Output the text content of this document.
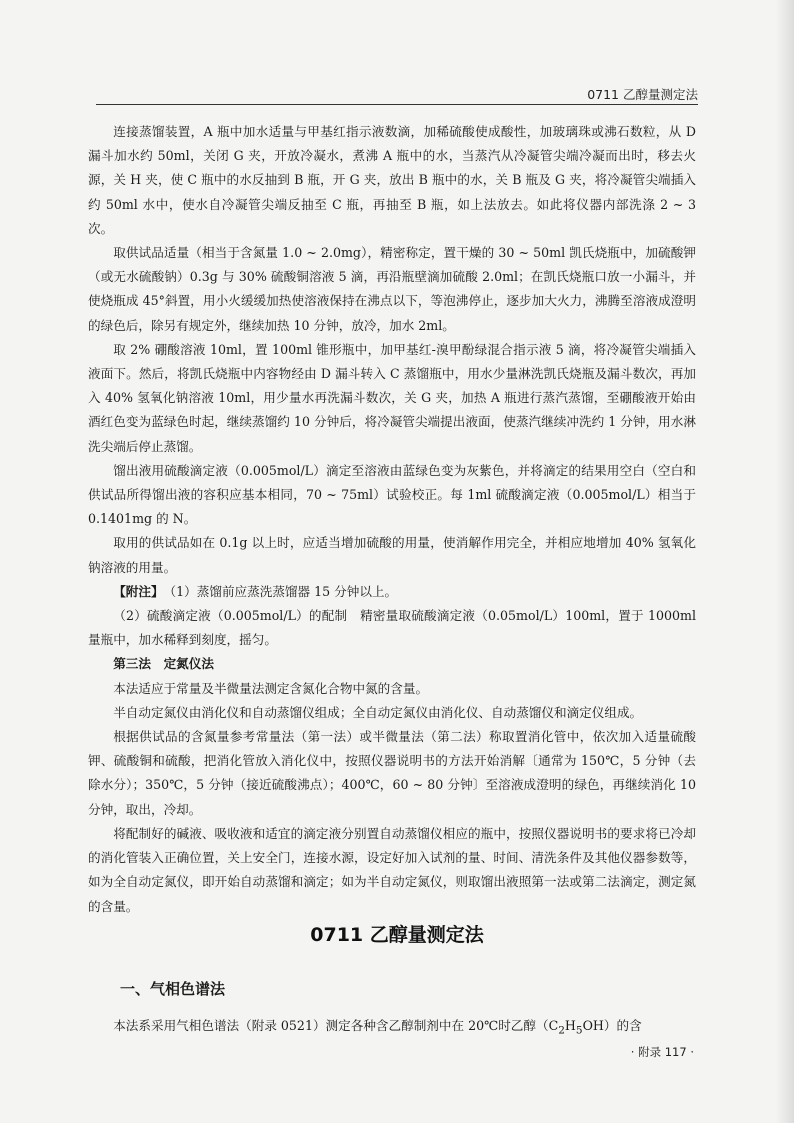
0711 乙醇量测定法

连接蒸馏装置，A 瓶中加水适量与甲基红指示液数滴，加稀硫酸使成酸性，加玻璃珠或沸石数粒，从 D 漏斗加水约 50ml，关闭 G 夹，开放冷凝水，煮沸 A 瓶中的水，当蒸汽从冷凝管尖端冷凝而出时，移去火源，关 H 夹，使 C 瓶中的水反抽到 B 瓶，开 G 夹，放出 B 瓶中的水，关 B 瓶及 G 夹，将冷凝管尖端插入约 50ml 水中，使水自冷凝管尖端反抽至 C 瓶，再抽至 B 瓶，如上法放去。如此将仪器内部洗涤 2 ~ 3 次。

取供试品适量（相当于含氮量 1.0 ~ 2.0mg），精密称定，置干燥的 30 ~ 50ml 凯氏烧瓶中，加硫酸钾（或无水硫酸钠）0.3g 与 30% 硫酸铜溶液 5 滴，再沿瓶壁滴加硫酸 2.0ml；在凯氏烧瓶口放一小漏斗，并使烧瓶成 45°斜置，用小火缓缓加热使溶液保持在沸点以下，等泡沸停止，逐步加大火力，沸腾至溶液成澄明的绿色后，除另有规定外，继续加热 10 分钟，放冷，加水 2ml。

取 2% 硼酸溶液 10ml，置 100ml 锥形瓶中，加甲基红-溴甲酚绿混合指示液 5 滴，将冷凝管尖端插入液面下。然后，将凯氏烧瓶中内容物经由 D 漏斗转入 C 蒸馏瓶中，用水少量淋洗凯氏烧瓶及漏斗数次，再加入 40% 氢氧化钠溶液 10ml，用少量水再洗漏斗数次，关 G 夹，加热 A 瓶进行蒸汽蒸馏，至硼酸液开始由酒红色变为蓝绿色时起，继续蒸馏约 10 分钟后，将冷凝管尖端提出液面，使蒸汽继续冲洗约 1 分钟，用水淋洗尖端后停止蒸馏。

馏出液用硫酸滴定液（0.005mol/L）滴定至溶液由蓝绿色变为灰紫色，并将滴定的结果用空白（空白和供试品所得馏出液的容积应基本相同，70 ~ 75ml）试验校正。每 1ml 硫酸滴定液（0.005mol/L）相当于 0.1401mg 的 N。

取用的供试品如在 0.1g 以上时，应适当增加硫酸的用量，使消解作用完全，并相应地增加 40% 氢氧化钠溶液的用量。

【附注】　 （1）蒸馏前应蒸洗蒸馏器 15 分钟以上。

（2）硫酸滴定液（0.005mol/L）的配制　精密量取硫酸滴定液（0.05mol/L）100ml，置于 1000ml 量瓶中，加水稀释到刻度，摇匀。

第三法　定氮仪法

本法适应于常量及半微量法测定含氮化合物中氮的含量。

半自动定氮仪由消化仪和自动蒸馏仪组成；全自动定氮仪由消化仪、自动蒸馏仪和滴定仪组成。

根据供试品的含氮量参考常量法（第一法）或半微量法（第二法）称取置消化管中，依次加入适量硫酸钾、硫酸铜和硫酸，把消化管放入消化仪中，按照仪器说明书的方法开始消解〔通常为 150℃，5 分钟（去除水分）；350℃，5 分钟（接近硫酸沸点）；400℃，60 ~ 80 分钟〕至溶液成澄明的绿色，再继续消化 10 分钟，取出，冷却。

将配制好的碱液、吸收液和适宜的滴定液分别置自动蒸馏仪相应的瓶中，按照仪器说明书的要求将已冷却的消化管装入正确位置，关上安全门，连接水源，设定好加入试剂的量、时间、清洗条件及其他仪器参数等，如为全自动定氮仪，即开始自动蒸馏和滴定；如为半自动定氮仪，则取馏出液照第一法或第二法滴定，测定氮的含量。

0711 乙醇量测定法
一、气相色谱法
本法系采用气相色谱法（附录 0521）测定各种含乙醇制剂中在 20℃时乙醇$(C_2H_5OH)$的含
· 附录 117 ·
